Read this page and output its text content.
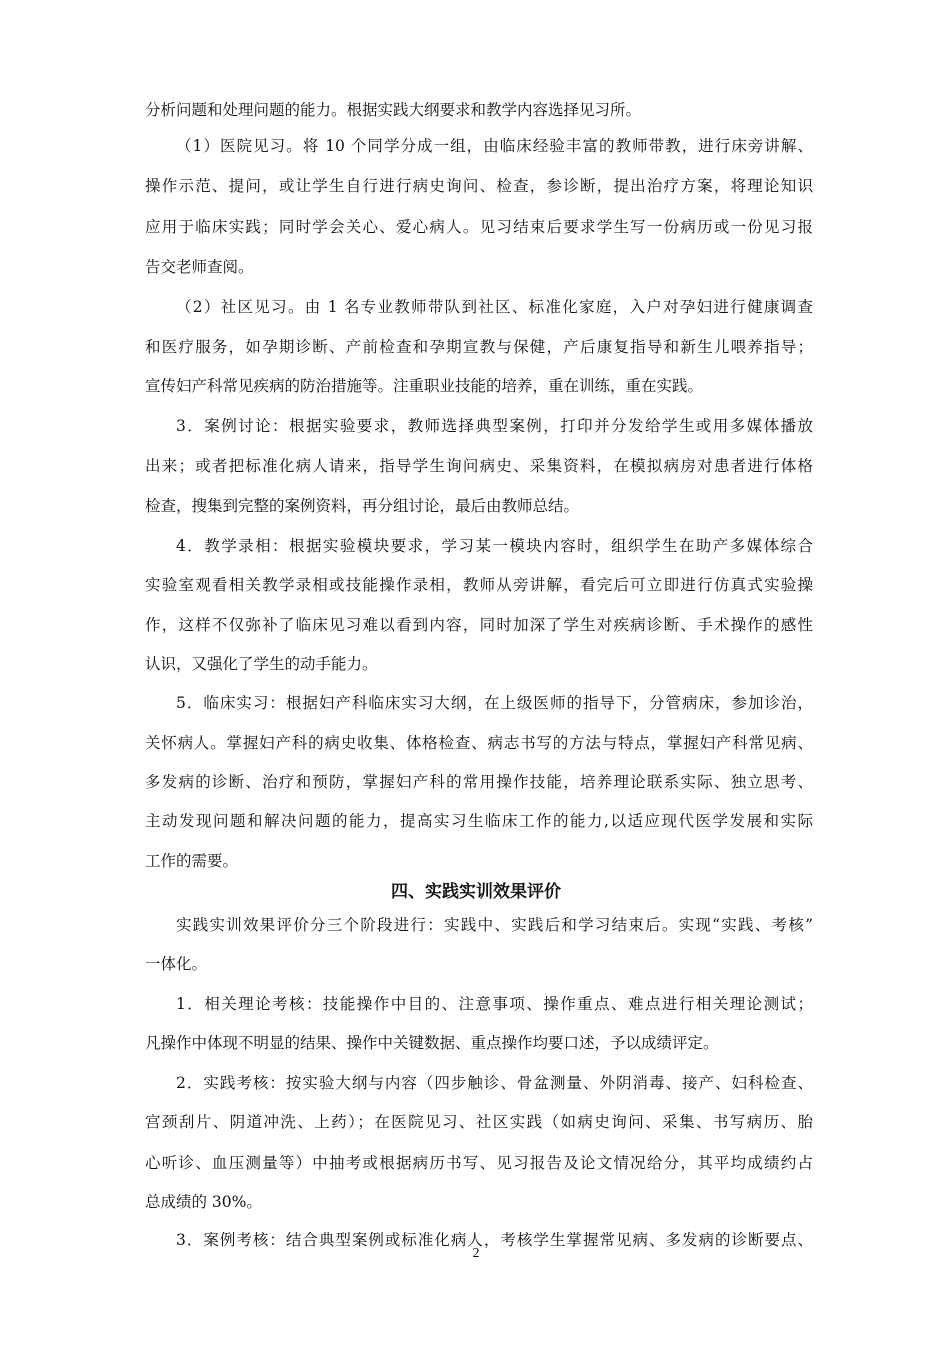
分析问题和处理问题的能力。根据实践大纲要求和教学内容选择见习所。
（1）医院见习。将 10 个同学分成一组，由临床经验丰富的教师带教，进行床旁讲解、
操作示范、提问，或让学生自行进行病史询问、检查，参诊断，提出治疗方案，将理论知识
应用于临床实践；同时学会关心、爱心病人。见习结束后要求学生写一份病历或一份见习报
告交老师查阅。
（2）社区见习。由 1 名专业教师带队到社区、标准化家庭，入户对孕妇进行健康调查
和医疗服务，如孕期诊断、产前检查和孕期宣教与保健，产后康复指导和新生儿喂养指导；
宣传妇产科常见疾病的防治措施等。注重职业技能的培养，重在训练，重在实践。
3．案例讨论：根据实验要求，教师选择典型案例，打印并分发给学生或用多媒体播放
出来；或者把标准化病人请来，指导学生询问病史、采集资料，在模拟病房对患者进行体格
检查，搜集到完整的案例资料，再分组讨论，最后由教师总结。
4．教学录相：根据实验模块要求，学习某一模块内容时，组织学生在助产多媒体综合
实验室观看相关教学录相或技能操作录相，教师从旁讲解，看完后可立即进行仿真式实验操
作，这样不仅弥补了临床见习难以看到内容，同时加深了学生对疾病诊断、手术操作的感性
认识，又强化了学生的动手能力。
5．临床实习：根据妇产科临床实习大纲，在上级医师的指导下，分管病床，参加诊治，
关怀病人。掌握妇产科的病史收集、体格检查、病志书写的方法与特点，掌握妇产科常见病、
多发病的诊断、治疗和预防，掌握妇产科的常用操作技能，培养理论联系实际、独立思考、
主动发现问题和解决问题的能力，提高实习生临床工作的能力,以适应现代医学发展和实际
工作的需要。
四、实践实训效果评价
实践实训效果评价分三个阶段进行：实践中、实践后和学习结束后。实现“实践、考核”
一体化。
1．相关理论考核：技能操作中目的、注意事项、操作重点、难点进行相关理论测试；
凡操作中体现不明显的结果、操作中关键数据、重点操作均要口述，予以成绩评定。
2．实践考核：按实验大纲与内容（四步触诊、骨盆测量、外阴消毒、接产、妇科检查、
宫颈刮片、阴道冲洗、上药）；在医院见习、社区实践（如病史询问、采集、书写病历、胎
心听诊、血压测量等）中抽考或根据病历书写、见习报告及论文情况给分，其平均成绩约占
总成绩的 30%。
3．案例考核：结合典型案例或标准化病人，考核学生掌握常见病、多发病的诊断要点、
2
